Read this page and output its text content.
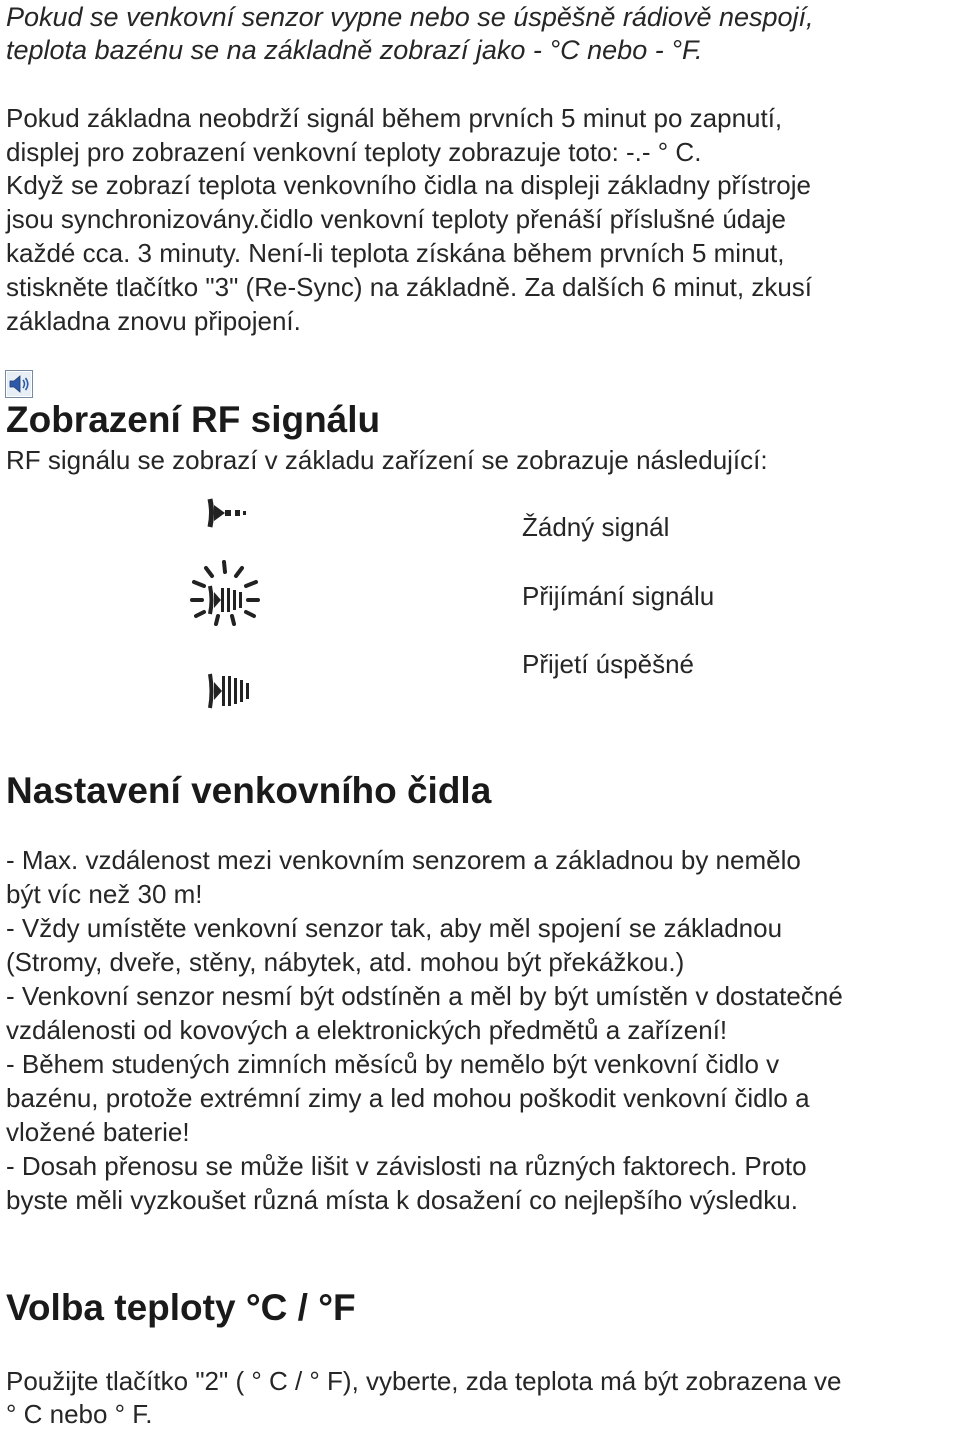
Pokud se venkovní senzor vypne nebo se úspěšně rádiově nespojí,

teplota bazénu se na základně zobrazí jako - °C nebo - °F.

Pokud základna neobdrží signál během prvních 5 minut po zapnutí,

displej pro zobrazení venkovní teploty zobrazuje toto: -.- ° C.

Když se zobrazí teplota venkovního čidla na displeji základny přístroje

jsou synchronizovány.čidlo venkovní teploty přenáší příslušné údaje

každé cca. 3 minuty. Není-li teplota získána během prvních 5 minut,

stiskněte tlačítko "3" (Re-Sync) na základně. Za dalších 6 minut, zkusí

základna znovu připojení.

Zobrazení RF signálu

RF signálu se zobrazí v základu zařízení se zobrazuje následující:

Žádný signál
Přijímání signálu
Přijetí úspěšné
Nastavení venkovního čidla

- Max. vzdálenost mezi venkovním senzorem a základnou by nemělo

být víc než 30 m!

- Vždy umístěte venkovní senzor tak, aby měl spojení se základnou

(Stromy, dveře, stěny, nábytek, atd. mohou být překážkou.)

- Venkovní senzor nesmí být odstíněn a měl by být umístěn v dostatečné

vzdálenosti od kovových a elektronických předmětů a zařízení!

- Během studených zimních měsíců by nemělo být venkovní čidlo v

bazénu, protože extrémní zimy a led mohou poškodit venkovní čidlo a

vložené baterie!

- Dosah přenosu se může lišit v závislosti na různých faktorech. Proto

byste měli vyzkoušet různá místa k dosažení co nejlepšího výsledku.

Volba teploty °C / °F

Použijte tlačítko "2" ( ° C / ° F), vyberte, zda teplota má být zobrazena ve

° C nebo ° F.
